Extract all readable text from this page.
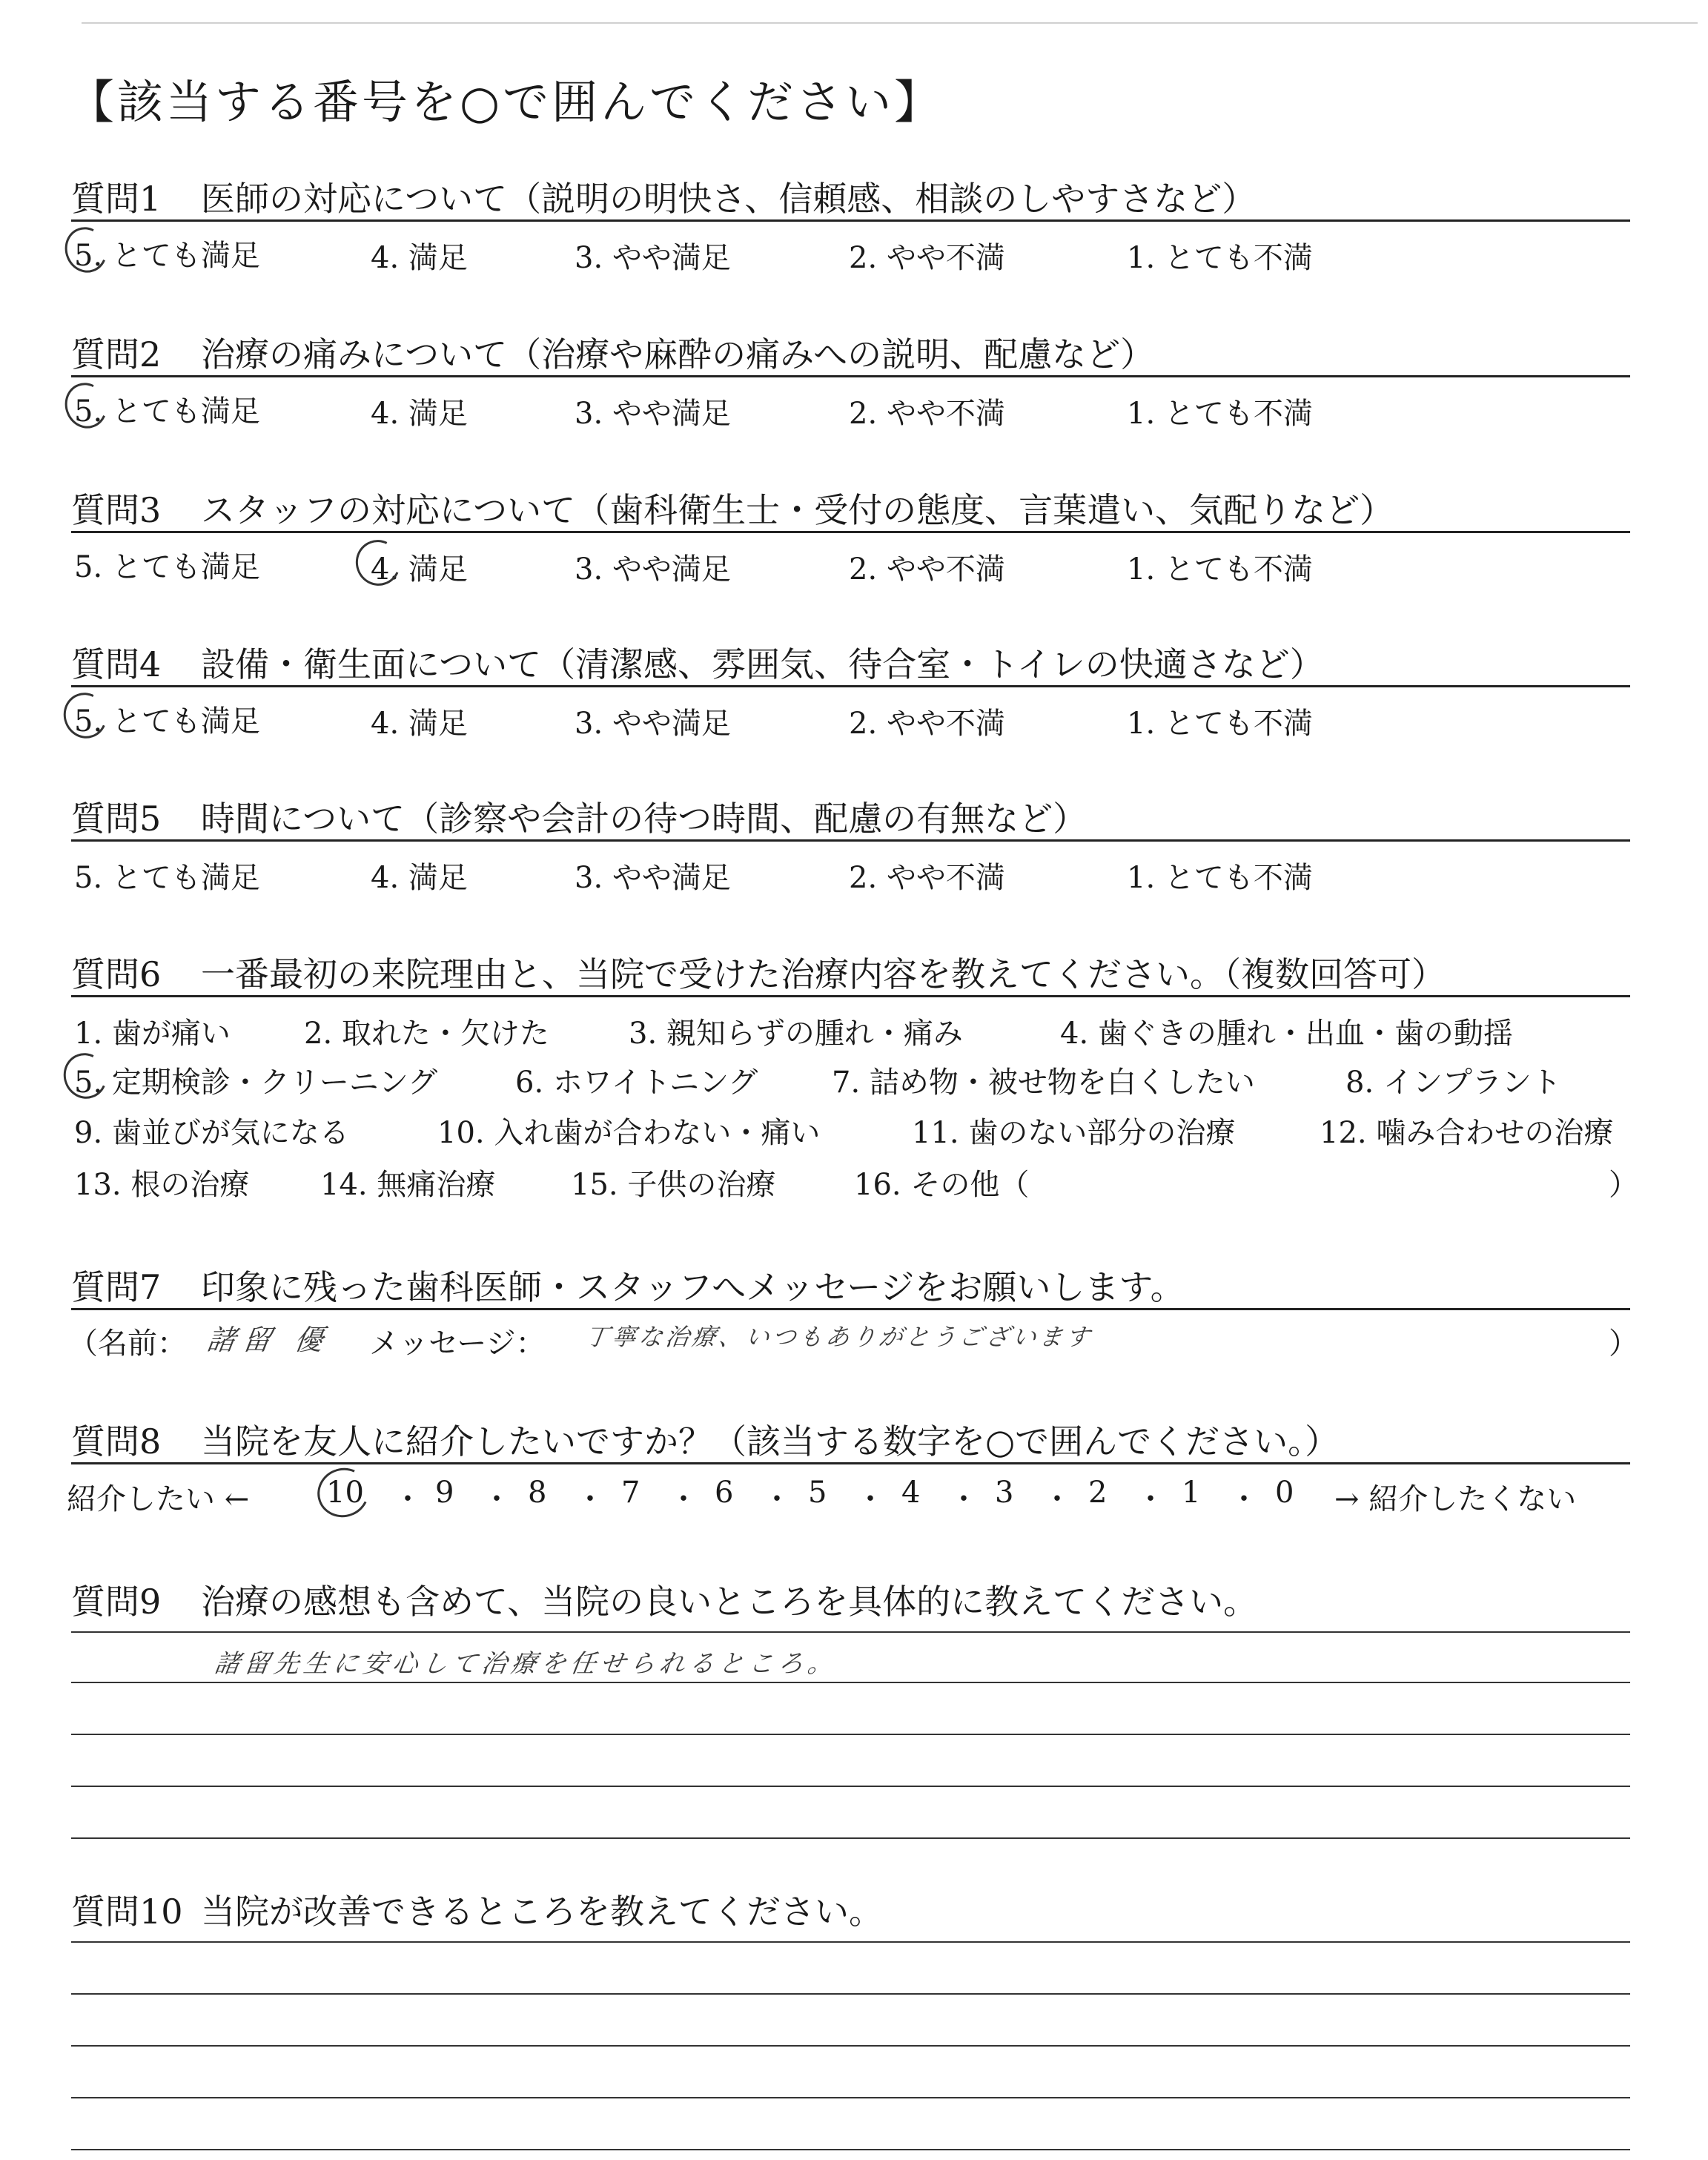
【該当する番号を○で囲んでください】
質問1 医師の対応について（説明の明快さ、信頼感、相談のしやすさなど）
5. とても満足	4. 満足	3. やや満足	2. やや不満	1. とても不満
質問2 治療の痛みについて（治療や麻酔の痛みへの説明、配慮など）
5. とても満足	4. 満足	3. やや満足	2. やや不満	1. とても不満
質問3 スタッフの対応について（歯科衛生士・受付の態度、言葉遣い、気配りなど）
5. とても満足	4. 満足	3. やや満足	2. やや不満	1. とても不満
質問4 設備・衛生面について（清潔感、雰囲気、待合室・トイレの快適さなど）
5. とても満足	4. 満足	3. やや満足	2. やや不満	1. とても不満
質問5 時間について（診察や会計の待つ時間、配慮の有無など）
5. とても満足	4. 満足	3. やや満足	2. やや不満	1. とても不満
質問6 一番最初の来院理由と、当院で受けた治療内容を教えてください。（複数回答可）
1. 歯が痛い 2. 取れた・欠けた	3. 親知らずの腫れ・痛み	4. 歯ぐきの腫れ・出血・歯の動揺
5. 定期検診・クリーニング	6. ホワイトニング 7. 詰め物・被せ物を白くしたい	8. インプラント
9. 歯並びが気になる	10. 入れ歯が合わない・痛い	11. 歯のない部分の治療	12. 噛み合わせの治療
13. 根の治療 14. 無痛治療	15. 子供の治療	16. その他（	）
質問7 印象に残った歯科医師・スタッフへメッセージをお願いします。
（名前： 諸留 優 メッセージ： 丁寧な治療、いつもありがとうございます	）
質問8 当院を友人に紹介したいですか？（該当する数字を○で囲んでください。）
紹介したい ←	10 ・ 9 ・ 8 ・ 7 ・ 6 ・ 5 ・ 4 ・ 3 ・ 2 ・ 1 ・ 0 → 紹介したくない
質問9 治療の感想も含めて、当院の良いところを具体的に教えてください。
諸留先生に安心して治療を任せられるところ。
質問10 当院が改善できるところを教えてください。
